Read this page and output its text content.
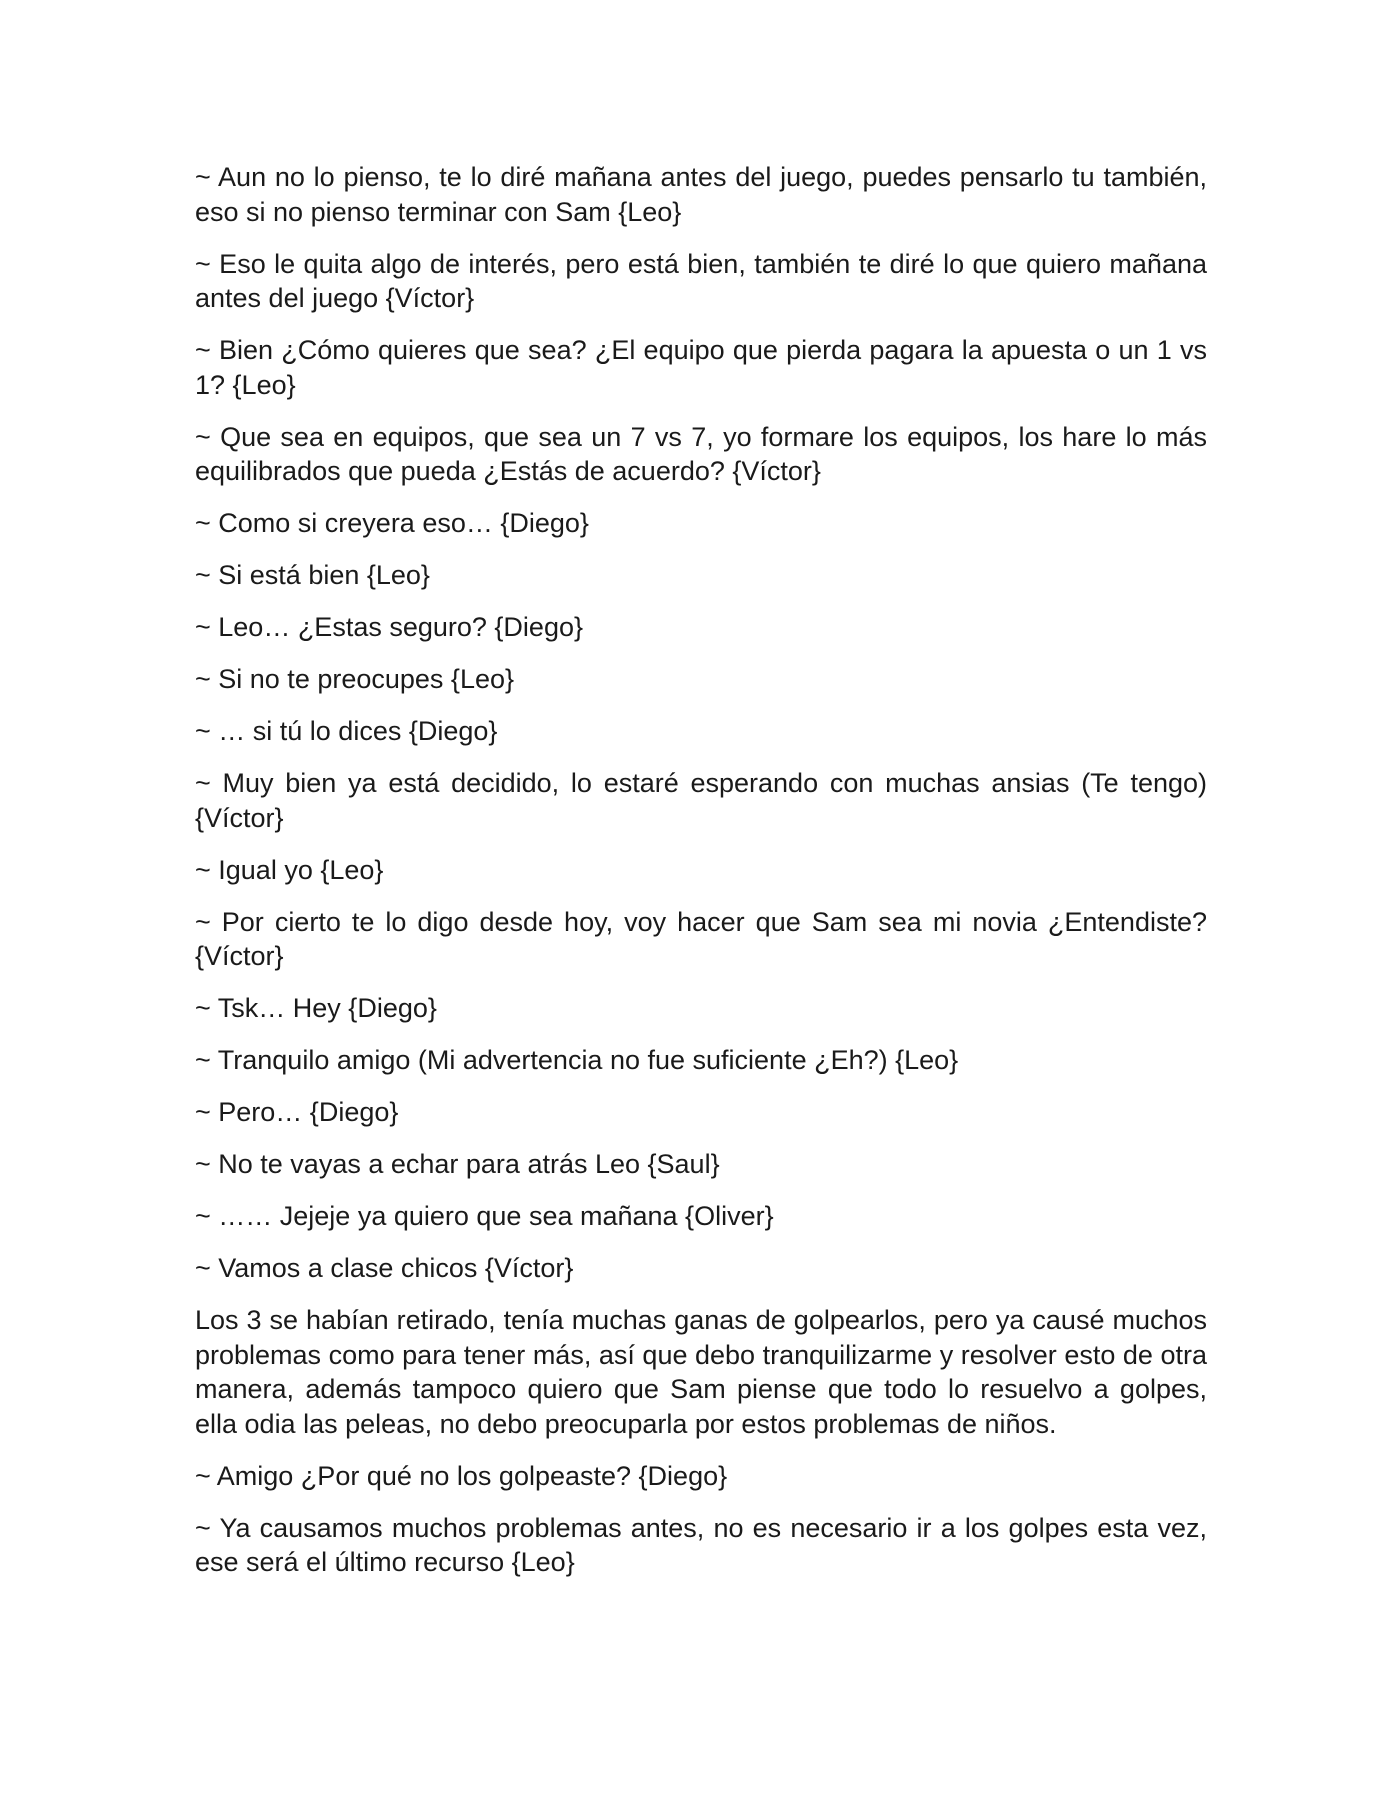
~ Aun no lo pienso, te lo diré mañana antes del juego, puedes pensarlo tu también, eso si no pienso terminar con Sam {Leo}

~ Eso le quita algo de interés, pero está bien, también te diré lo que quiero mañana antes del juego {Víctor}

~ Bien ¿Cómo quieres que sea? ¿El equipo que pierda pagara la apuesta o un 1 vs 1? {Leo}

~ Que sea en equipos, que sea un 7 vs 7, yo formare los equipos, los hare lo más equilibrados que pueda ¿Estás de acuerdo? {Víctor}

~ Como si creyera eso… {Diego}

~ Si está bien {Leo}

~ Leo… ¿Estas seguro? {Diego}

~ Si no te preocupes {Leo}

~ … si tú lo dices {Diego}

~ Muy bien ya está decidido, lo estaré esperando con muchas ansias (Te tengo) {Víctor}

~ Igual yo {Leo}

~ Por cierto te lo digo desde hoy, voy hacer que Sam sea mi novia ¿Entendiste? {Víctor}

~ Tsk… Hey {Diego}

~ Tranquilo amigo (Mi advertencia no fue suficiente ¿Eh?) {Leo}

~ Pero… {Diego}

~ No te vayas a echar para atrás Leo {Saul}

~ …… Jejeje ya quiero que sea mañana {Oliver}

~ Vamos a clase chicos {Víctor}

Los 3 se habían retirado, tenía muchas ganas de golpearlos, pero ya causé muchos problemas como para tener más, así que debo tranquilizarme y resolver esto de otra manera, además tampoco quiero que Sam piense que todo lo resuelvo a golpes, ella odia las peleas, no debo preocuparla por estos problemas de niños.

~ Amigo ¿Por qué no los golpeaste? {Diego}

~ Ya causamos muchos problemas antes, no es necesario ir a los golpes esta vez, ese será el último recurso {Leo}
